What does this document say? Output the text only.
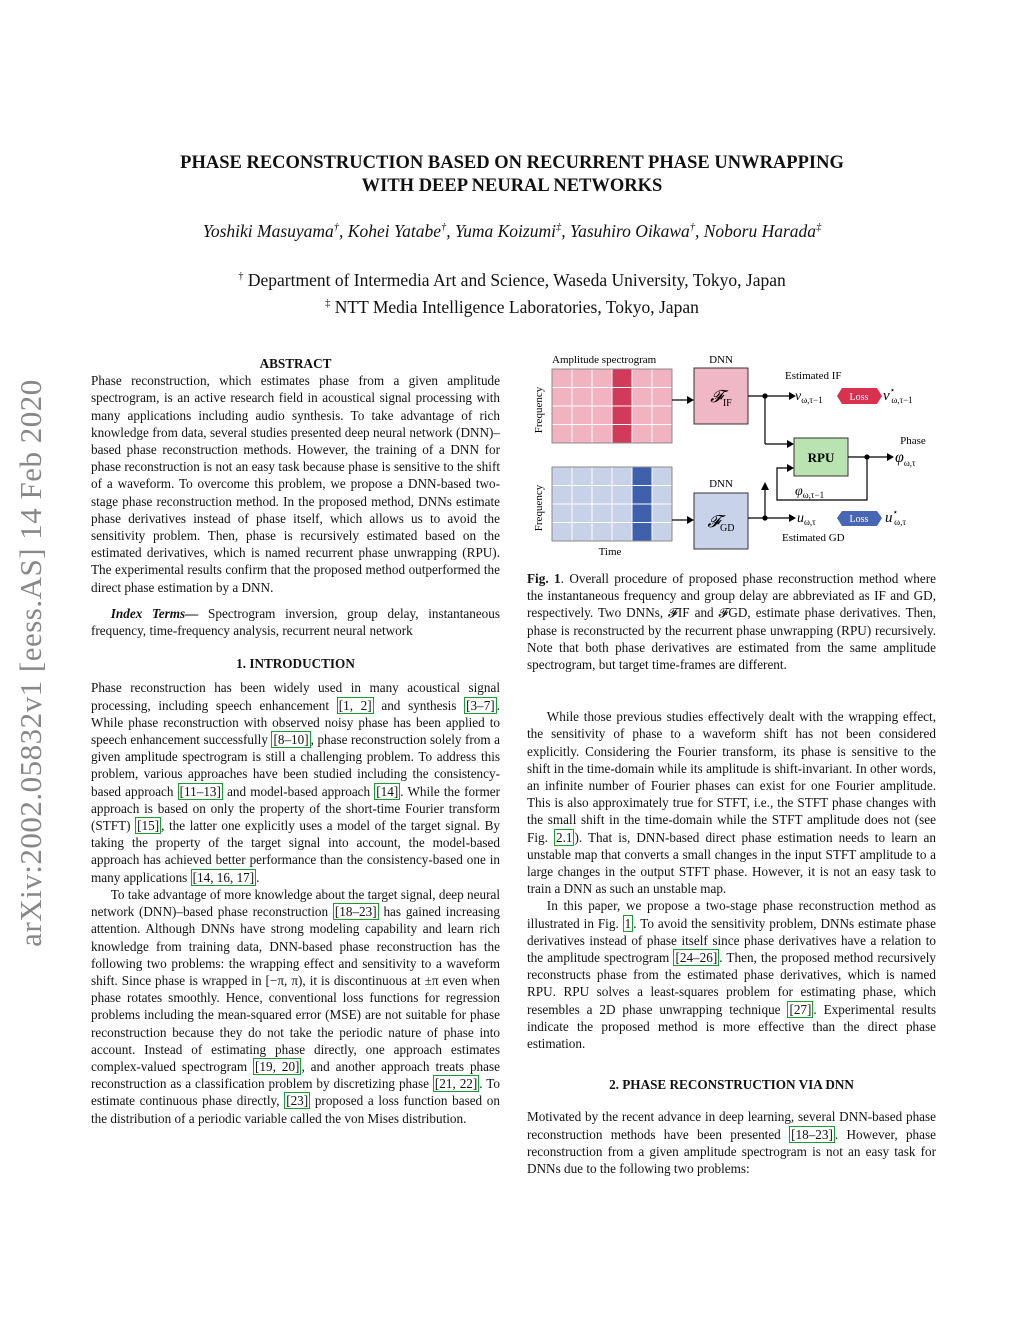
PHASE RECONSTRUCTION BASED ON RECURRENT PHASE UNWRAPPING
WITH DEEP NEURAL NETWORKS
Yoshiki Masuyama†, Kohei Yatabe†, Yuma Koizumi‡, Yasuhiro Oikawa†, Noboru Harada‡
† Department of Intermedia Art and Science, Waseda University, Tokyo, Japan
‡ NTT Media Intelligence Laboratories, Tokyo, Japan
arXiv:2002.05832v1 [eess.AS] 14 Feb 2020
ABSTRACT

Phase reconstruction, which estimates phase from a given amplitude spectrogram, is an active research field in acoustical signal processing with many applications including audio synthesis. To take advantage of rich knowledge from data, several studies presented deep neural network (DNN)–based phase reconstruction methods. However, the training of a DNN for phase reconstruction is not an easy task because phase is sensitive to the shift of a waveform. To overcome this problem, we propose a DNN-based two-stage phase reconstruction method. In the proposed method, DNNs estimate phase derivatives instead of phase itself, which allows us to avoid the sensitivity problem. Then, phase is recursively estimated based on the estimated derivatives, which is named recurrent phase unwrapping (RPU). The experimental results confirm that the proposed method outperformed the direct phase estimation by a DNN.

Index Terms— Spectrogram inversion, group delay, instantaneous frequency, time-frequency analysis, recurrent neural network

1. INTRODUCTION

Phase reconstruction has been widely used in many acoustical signal processing, including speech enhancement [1, 2] and synthesis [3–7] . While phase reconstruction with observed noisy phase has been applied to speech enhancement successfully [8–10] , phase reconstruction solely from a given amplitude spectrogram is still a challenging problem. To address this problem, various approaches have been studied including the consistency-based approach [11–13] and model-based approach [14] . While the former approach is based on only the property of the short-time Fourier transform (STFT) [15] , the latter one explicitly uses a model of the target signal. By taking the property of the target signal into account, the model-based approach has achieved better performance than the consistency-based one in many applications [14, 16, 17] .

To take advantage of more knowledge about the target signal, deep neural network (DNN)–based phase reconstruction [18–23] has gained increasing attention. Although DNNs have strong modeling capability and learn rich knowledge from training data, DNN-based phase reconstruction has the following two problems: the wrapping effect and sensitivity to a waveform shift. Since phase is wrapped in [−π, π), it is discontinuous at ±π even when phase rotates smoothly. Hence, conventional loss functions for regression problems including the mean-squared error (MSE) are not suitable for phase reconstruction because they do not take the periodic nature of phase into account. Instead of estimating phase directly, one approach estimates complex-valued spectrogram [19, 20] , and another approach treats phase reconstruction as a classification problem by discretizing phase [21, 22] . To estimate continuous phase directly, [23] proposed a loss function based on the distribution of a periodic variable called the von Mises distribution.

Amplitude spectrogram
Frequency
Frequency
Time
DNN
𝓕$_{IF}$
DNN
𝓕$_{GD}$
Estimated IF
$v_{\omega,\tau-1}$	Loss v⋆ ω,τ−1
RPU
Phase
$\varphi_{\omega,\tau}$
$\varphi_{\omega,\tau-1}$
$u_{\omega,\tau}$	Loss u⋆ ω,τ
Estimated GD

Fig. 1. Overall procedure of proposed phase reconstruction method where the instantaneous frequency and group delay are abbreviated as IF and GD, respectively. Two DNNs, 𝓕IF and 𝓕GD, estimate phase derivatives. Then, phase is reconstructed by the recurrent phase unwrapping (RPU) recursively. Note that both phase derivatives are estimated from the same amplitude spectrogram, but target time-frames are different.

While those previous studies effectively dealt with the wrapping effect, the sensitivity of phase to a waveform shift has not been considered explicitly. Considering the Fourier transform, its phase is sensitive to the shift in the time-domain while its amplitude is shift-invariant. In other words, an infinite number of Fourier phases can exist for one Fourier amplitude. This is also approximately true for STFT, i.e., the STFT phase changes with the small shift in the time-domain while the STFT amplitude does not (see Fig. 2.1 ). That is, DNN-based direct phase estimation needs to learn an unstable map that converts a small changes in the input STFT amplitude to a large changes in the output STFT phase. However, it is not an easy task to train a DNN as such an unstable map.

In this paper, we propose a two-stage phase reconstruction method as illustrated in Fig. 1 . To avoid the sensitivity problem, DNNs estimate phase derivatives instead of phase itself since phase derivatives have a relation to the amplitude spectrogram [24–26] . Then, the proposed method recursively reconstructs phase from the estimated phase derivatives, which is named RPU. RPU solves a least-squares problem for estimating phase, which resembles a 2D phase unwrapping technique [27] . Experimental results indicate the proposed method is more effective than the direct phase estimation.

2. PHASE RECONSTRUCTION VIA DNN

Motivated by the recent advance in deep learning, several DNN-based phase reconstruction methods have been presented [18–23] . However, phase reconstruction from a given amplitude spectrogram is not an easy task for DNNs due to the following two problems:
